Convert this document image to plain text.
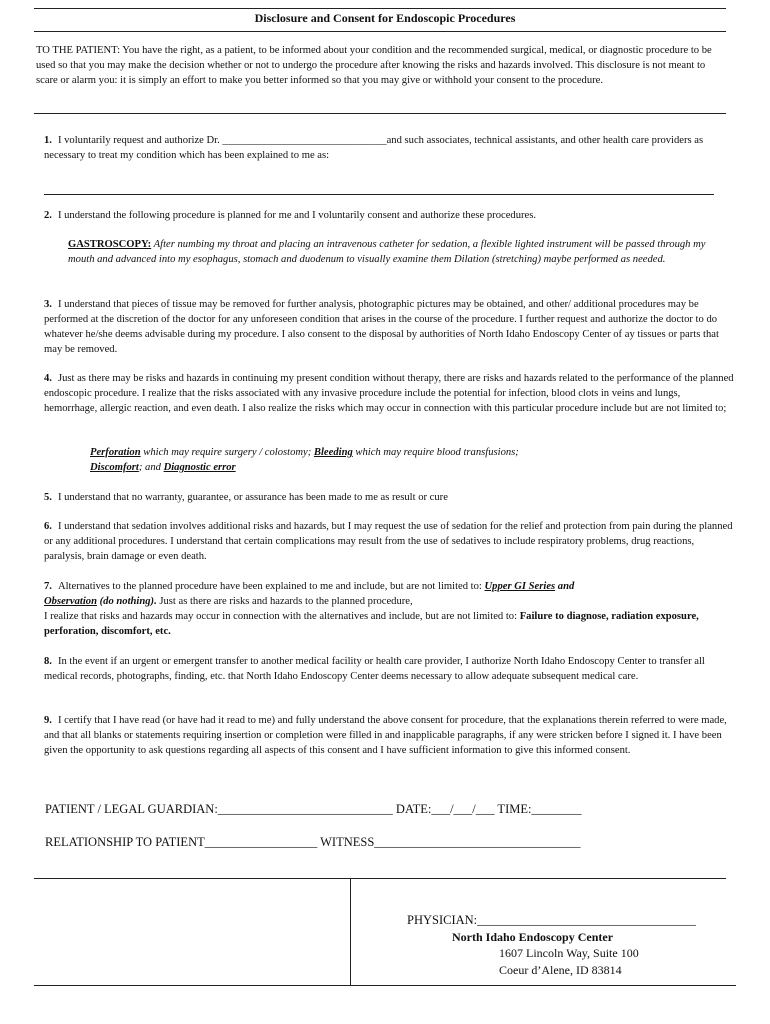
Disclosure and Consent for Endoscopic Procedures

TO THE PATIENT: You have the right, as a patient, to be informed about your condition and the recommended surgical, medical, or diagnostic procedure to be used so that you may make the decision whether or not to undergo the procedure after knowing the risks and hazards involved. This disclosure is not meant to scare or alarm you: it is simply an effort to make you better informed so that you may give or withhold your consent to the procedure.

1. I voluntarily request and authorize Dr. _______________________________and such associates, technical assistants, and other health care providers as necessary to treat my condition which has been explained to me as:

2. I understand the following procedure is planned for me and I voluntarily consent and authorize these procedures.

GASTROSCOPY: After numbing my throat and placing an intravenous catheter for sedation, a flexible lighted instrument will be passed through my mouth and advanced into my esophagus, stomach and duodenum to visually examine them Dilation (stretching) maybe performed as needed.

3. I understand that pieces of tissue may be removed for further analysis, photographic pictures may be obtained, and other/ additional procedures may be performed at the discretion of the doctor for any unforeseen condition that arises in the course of the procedure. I further request and authorize the doctor to do whatever he/she deems advisable during my procedure. I also consent to the disposal by authorities of North Idaho Endoscopy Center of ay tissues or parts that may be removed.

4. Just as there may be risks and hazards in continuing my present condition without therapy, there are risks and hazards related to the performance of the planned endoscopic procedure. I realize that the risks associated with any invasive procedure include the potential for infection, blood clots in veins and lungs, hemorrhage, allergic reaction, and even death. I also realize the risks which may occur in connection with this particular procedure include but are not limited to;

Perforation which may require surgery / colostomy; Bleeding which may require blood transfusions;
Discomfort; and Diagnostic error

5. I understand that no warranty, guarantee, or assurance has been made to me as result or cure

6. I understand that sedation involves additional risks and hazards, but I may request the use of sedation for the relief and protection from pain during the planned or any additional procedures. I understand that certain complications may result from the use of sedatives to include respiratory problems, drug reactions, paralysis, brain damage or even death.

7. Alternatives to the planned procedure have been explained to me and include, but are not limited to: Upper GI Series and
Observation (do nothing). Just as there are risks and hazards to the planned procedure,
I realize that risks and hazards may occur in connection with the alternatives and include, but are not limited to: Failure to diagnose, radiation exposure, perforation, discomfort, etc.

8. In the event if an urgent or emergent transfer to another medical facility or health care provider, I authorize North Idaho Endoscopy Center to transfer all medical records, photographs, finding, etc. that North Idaho Endoscopy Center deems necessary to allow adequate subsequent medical care.

9. I certify that I have read (or have had it read to me) and fully understand the above consent for procedure, that the explanations therein referred to were made, and that all blanks or statements requiring insertion or completion were filled in and inapplicable paragraphs, if any were stricken before I signed it. I have been given the opportunity to ask questions regarding all aspects of this consent and I have sufficient information to give this informed consent.

PATIENT / LEGAL GUARDIAN:____________________________ DATE:___/___/___ TIME:________
RELATIONSHIP TO PATIENT__________________ WITNESS_________________________________
PHYSICIAN:___________________________________
North Idaho Endoscopy Center
1607 Lincoln Way, Suite 100
Coeur d’Alene, ID 83814
